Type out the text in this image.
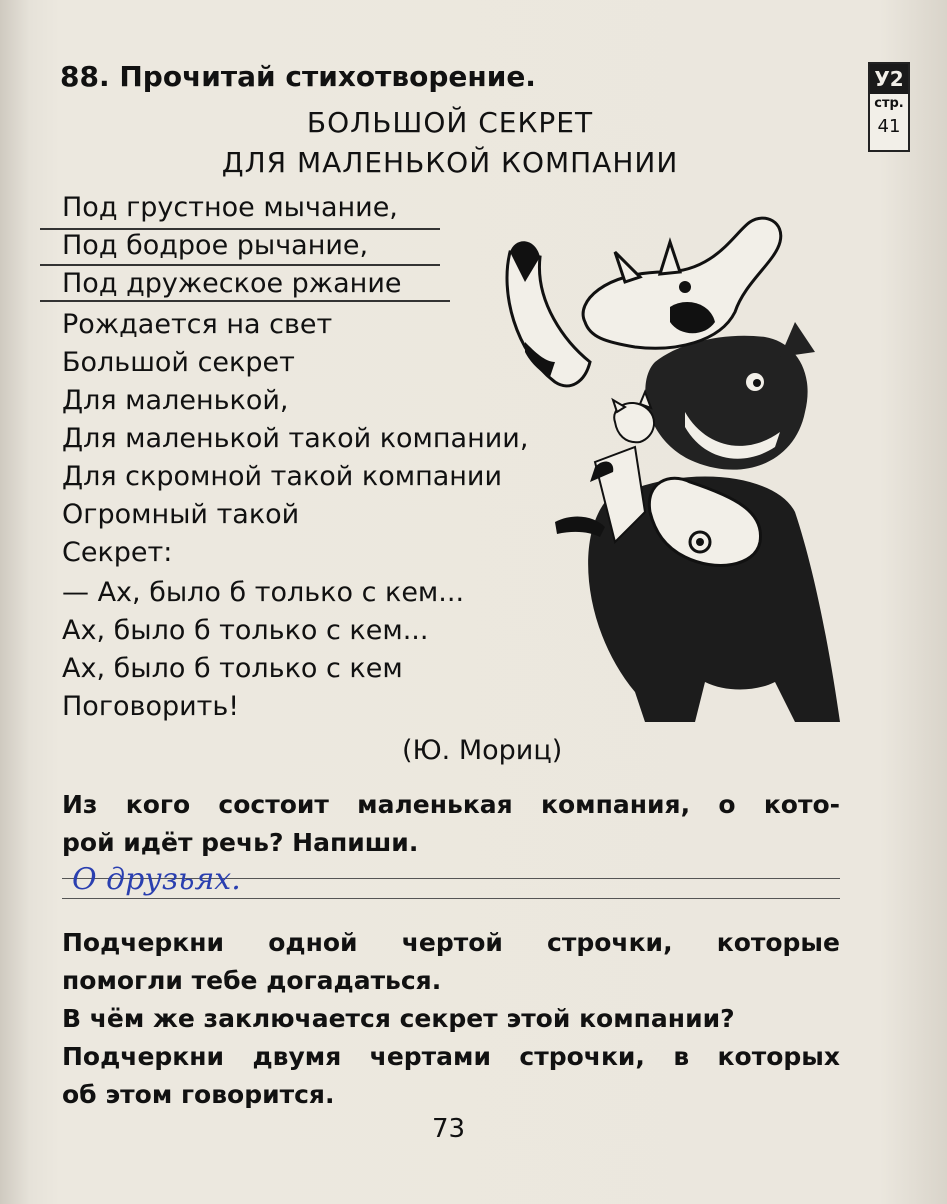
88. Прочитай стихотворение.	У2
стр.
41
БОЛЬШОЙ СЕКРЕТ
ДЛЯ МАЛЕНЬКОЙ КОМПАНИИ
Под грустное мычание,
Под бодрое рычание,
Под дружеское ржание
Рождается на свет
Большой секрет
Для маленькой,
Для маленькой такой компании,
Для скромной такой компании
Огромный такой
Секрет:
— Ах, было б только с кем...
Ах, было б только с кем...
Ах, было б только с кем
Поговорить!
(Ю. Мориц)
Из кого состоит маленькая компания, о кото-
рой идёт речь? Напиши.
О друзьях.
Подчеркни одной чертой строчки, которые
помогли тебе догадаться.
В чём же заключается секрет этой компании?
Подчеркни двумя чертами строчки, в которых
об этом говорится.
73
